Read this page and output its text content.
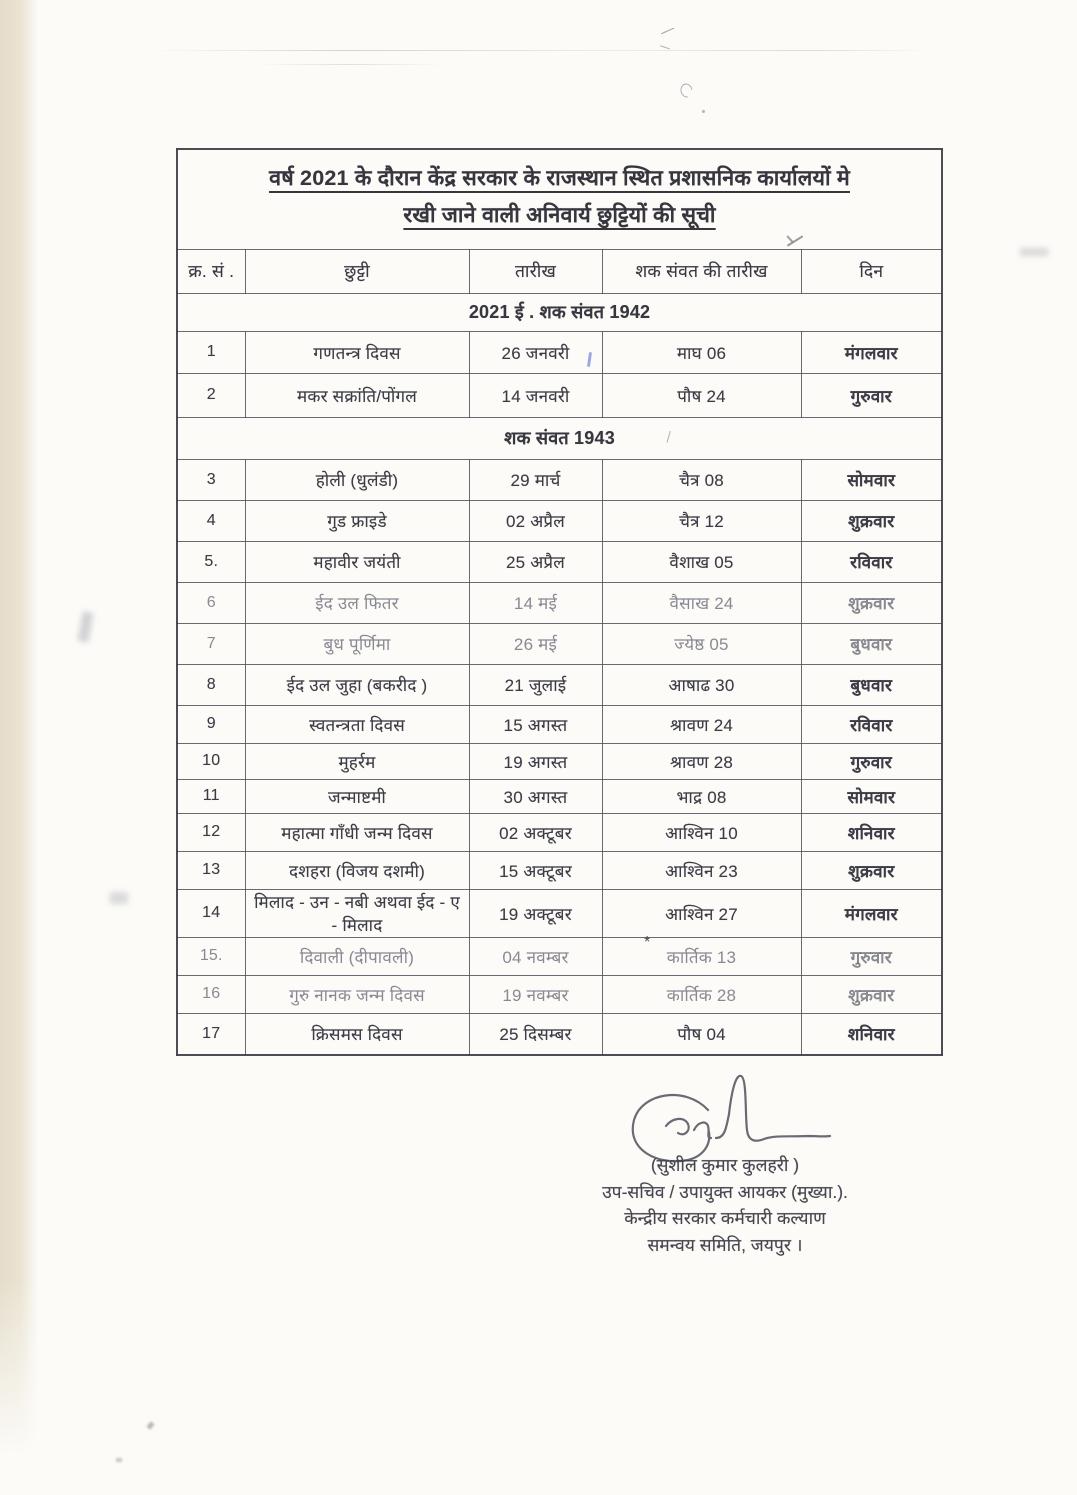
*
वर्ष 2021 के दौरान केंद्र सरकार के राजस्थान स्थित प्रशासनिक कार्यालयों मे
रखी जाने वाली अनिवार्य छुट्टियों की सूची				

क्र. सं .	छुट्टी	तारीख	शक संवत की तारीख	दिन
2021 ई . शक संवत 1942				
1	गणतन्त्र दिवस	26 जनवरी	माघ 06	मंगलवार
2	मकर सक्रांति/पोंगल	14 जनवरी	पौष 24	गुरुवार
शक संवत 1943				
3	होली (धुलंडी)	29 मार्च	चैत्र 08	सोमवार
4	गुड फ्राइडे	02 अप्रैल	चैत्र 12	शुक्रवार
5.	महावीर जयंती	25 अप्रैल	वैशाख 05	रविवार
6	ईद उल फितर	14 मई	वैसाख 24	शुक्रवार
7	बुध पूर्णिमा	26 मई	ज्येष्ठ 05	बुधवार
8	ईद उल जुहा (बकरीद )	21 जुलाई	आषाढ 30	बुधवार
9	स्वतन्त्रता दिवस	15 अगस्त	श्रावण 24	रविवार
10	मुहर्रम	19 अगस्त	श्रावण 28	गुरुवार
11	जन्माष्टमी	30 अगस्त	भाद्र 08	सोमवार
12	महात्मा गाँधी जन्म दिवस	02 अक्टूबर	आश्विन 10	शनिवार
13	दशहरा (विजय दशमी)	15 अक्टूबर	आश्विन 23	शुक्रवार
14	मिलाद - उन - नबी अथवा ईद - ए - मिलाद	19 अक्टूबर	आश्विन 27	मंगलवार
15.	दिवाली (दीपावली)	04 नवम्बर	कार्तिक 13	गुरुवार
16	गुरु नानक जन्म दिवस	19 नवम्बर	कार्तिक 28	शुक्रवार
17	क्रिसमस दिवस	25 दिसम्बर	पौष 04	शनिवार
(सुशील कुमार कुलहरी )
उप-सचिव / उपायुक्त आयकर (मुख्या.).
केन्द्रीय सरकार कर्मचारी कल्याण
समन्वय समिति, जयपुर ।
